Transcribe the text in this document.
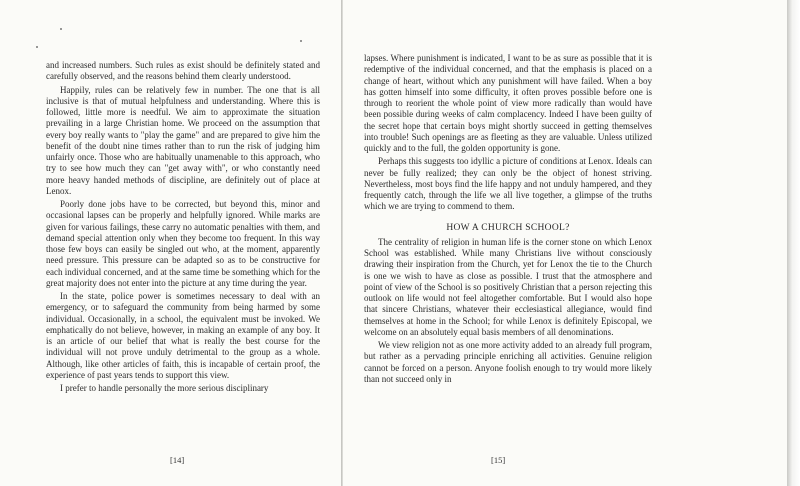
and increased numbers. Such rules as exist should be definitely stated and carefully observed, and the reasons behind them clearly understood.

Happily, rules can be relatively few in number. The one that is all inclusive is that of mutual helpfulness and understanding. Where this is followed, little more is needful. We aim to approximate the situation prevailing in a large Christian home. We proceed on the assumption that every boy really wants to "play the game" and are prepared to give him the benefit of the doubt nine times rather than to run the risk of judging him unfairly once. Those who are habitually unamenable to this approach, who try to see how much they can "get away with", or who constantly need more heavy handed methods of discipline, are definitely out of place at Lenox.

Poorly done jobs have to be corrected, but beyond this, minor and occasional lapses can be properly and helpfully ignored. While marks are given for various failings, these carry no automatic penalties with them, and demand special attention only when they become too frequent. In this way those few boys can easily be singled out who, at the moment, apparently need pressure. This pressure can be adapted so as to be constructive for each individual concerned, and at the same time be something which for the great majority does not enter into the picture at any time during the year.

In the state, police power is sometimes necessary to deal with an emergency, or to safeguard the community from being harmed by some individual. Occasionally, in a school, the equivalent must be invoked. We emphatically do not believe, however, in making an example of any boy. It is an article of our belief that what is really the best course for the individual will not prove unduly detrimental to the group as a whole. Although, like other articles of faith, this is incapable of certain proof, the experience of past years tends to support this view.

I prefer to handle personally the more serious disciplinary

[14]

lapses. Where punishment is indicated, I want to be as sure as possible that it is redemptive of the individual concerned, and that the emphasis is placed on a change of heart, without which any punishment will have failed. When a boy has gotten himself into some difficulty, it often proves possible before one is through to reorient the whole point of view more radically than would have been possible during weeks of calm complacency. Indeed I have been guilty of the secret hope that certain boys might shortly succeed in getting themselves into trouble! Such openings are as fleeting as they are valuable. Unless utilized quickly and to the full, the golden opportunity is gone.

Perhaps this suggests too idyllic a picture of conditions at Lenox. Ideals can never be fully realized; they can only be the object of honest striving. Nevertheless, most boys find the life happy and not unduly hampered, and they frequently catch, through the life we all live together, a glimpse of the truths which we are trying to commend to them.

HOW A CHURCH SCHOOL?

The centrality of religion in human life is the corner stone on which Lenox School was established. While many Christians live without consciously drawing their inspiration from the Church, yet for Lenox the tie to the Church is one we wish to have as close as possible. I trust that the atmosphere and point of view of the School is so positively Christian that a person rejecting this outlook on life would not feel altogether comfortable. But I would also hope that sincere Christians, whatever their ecclesiastical allegiance, would find themselves at home in the School; for while Lenox is definitely Episcopal, we welcome on an absolutely equal basis members of all denominations.

We view religion not as one more activity added to an already full program, but rather as a pervading principle enriching all activities. Genuine religion cannot be forced on a person. Anyone foolish enough to try would more likely than not succeed only in

[15]
